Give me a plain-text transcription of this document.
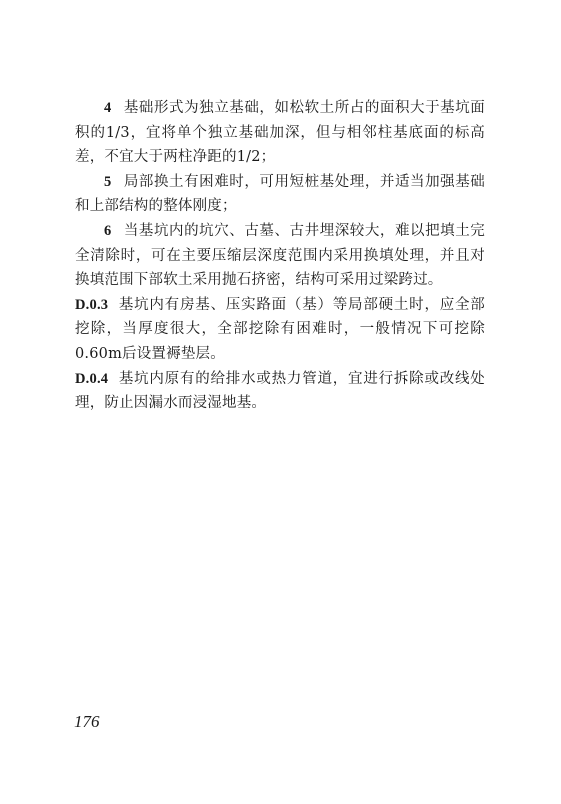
4 基础形式为独立基础，如松软土所占的面积大于基坑面积的1/3，宜将单个独立基础加深，但与相邻柱基底面的标高差，不宜大于两柱净距的1/2；

5 局部换土有困难时，可用短桩基处理，并适当加强基础和上部结构的整体刚度；

6 当基坑内的坑穴、古墓、古井埋深较大，难以把填土完全清除时，可在主要压缩层深度范围内采用换填处理，并且对换填范围下部软土采用抛石挤密，结构可采用过梁跨过。

D.0.3 基坑内有房基、压实路面（基）等局部硬土时，应全部挖除，当厚度很大，全部挖除有困难时，一般情况下可挖除0.60m后设置褥垫层。

D.0.4 基坑内原有的给排水或热力管道，宜进行拆除或改线处理，防止因漏水而浸湿地基。

176
